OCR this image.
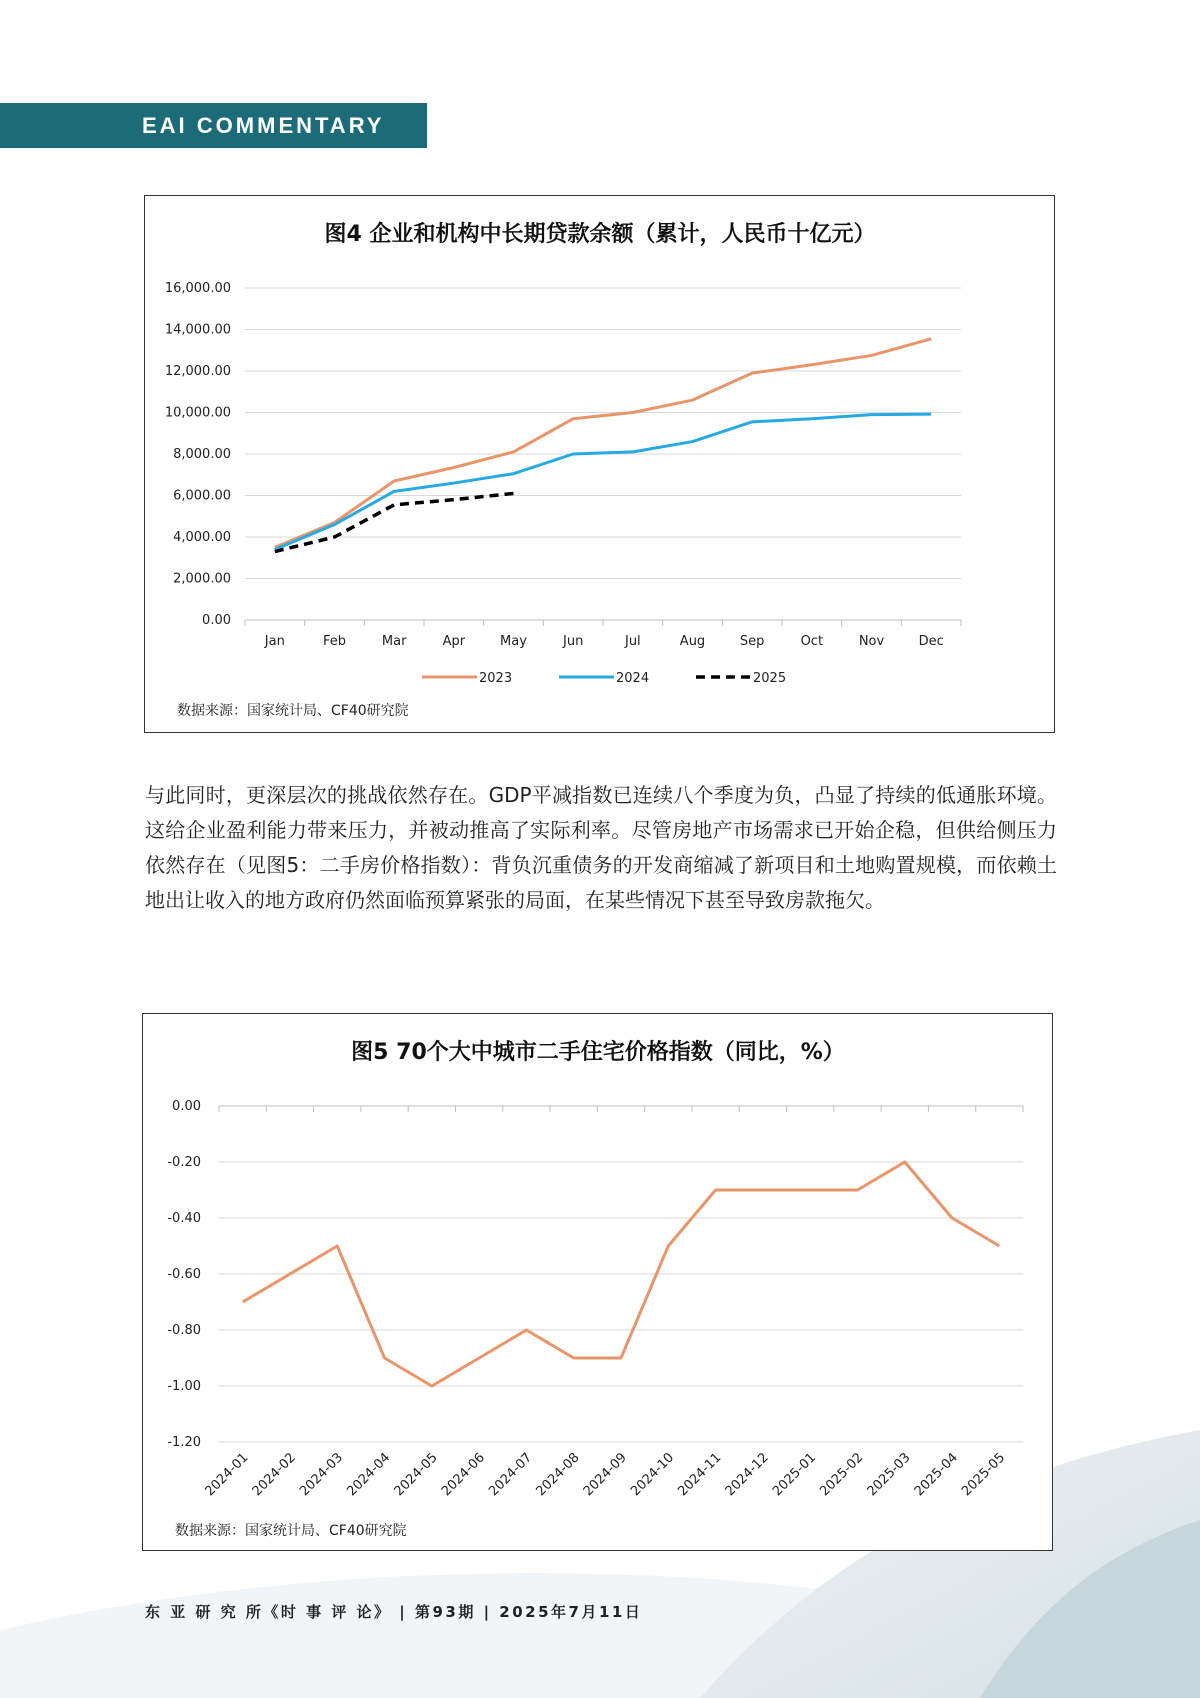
EAI COMMENTARY
图4 企业和机构中长期贷款余额（累计，人民币十亿元）
0.00
2,000.00
4,000.00
6,000.00
8,000.00
10,000.00
12,000.00
14,000.00
16,000.00
Jan	Feb	Mar	Apr	May	Jun	Jul	Aug	Sep	Oct	Nov	Dec
2023	2024	2025
数据来源：国家统计局、CF40研究院

与此同时，更深层次的挑战依然存在。GDP平减指数已连续八个季度为负，凸显了持续的低通胀环境。这给企业盈利能力带来压力，并被动推高了实际利率。尽管房地产市场需求已开始企稳，但供给侧压力依然存在（见图5：二手房价格指数）：背负沉重债务的开发商缩减了新项目和土地购置规模，而依赖土地出让收入的地方政府仍然面临预算紧张的局面，在某些情况下甚至导致房款拖欠。

图5 70个大中城市二手住宅价格指数（同比，%）
0.00
-0.20
-0.40
-0.60
-0.80
-1.00
-1.20
2024-01
2024-02
2024-03
2024-04
2024-05
2024-06
2024-07
2024-08
2024-09
2024-10
2024-11
2024-12
2025-01
2025-02
2025-03
2025-04
2025-05
数据来源：国家统计局、CF40研究院
东 亚 研 究 所《时 事 评 论》 | 第93期 | 2025年7月11日
